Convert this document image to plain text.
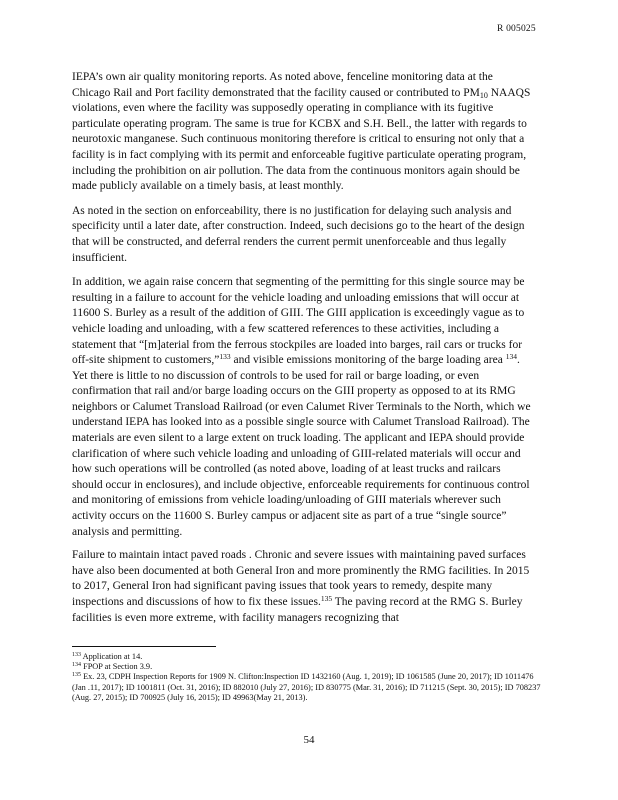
R 005025

IEPA’s own air quality monitoring reports. As noted above, fenceline monitoring data at the Chicago Rail and Port facility demonstrated that the facility caused or contributed to $PM_{10}$ NAAQS violations, even where the facility was supposedly operating in compliance with its fugitive particulate operating program. The same is true for KCBX and S.H. Bell., the latter with regards to neurotoxic manganese. Such continuous monitoring therefore is critical to ensuring not only that a facility is in fact complying with its permit and enforceable fugitive particulate operating program, including the prohibition on air pollution. The data from the continuous monitors again should be made publicly available on a timely basis, at least monthly.

As noted in the section on enforceability, there is no justification for delaying such analysis and specificity until a later date, after construction. Indeed, such decisions go to the heart of the design that will be constructed, and deferral renders the current permit unenforceable and thus legally insufficient.

In addition, we again raise concern that segmenting of the permitting for this single source may be resulting in a failure to account for the vehicle loading and unloading emissions that will occur at 11600 S. Burley as a result of the addition of GIII. The GIII application is exceedingly vague as to vehicle loading and unloading, with a few scattered references to these activities, including a statement that “[m]aterial from the ferrous stockpiles are loaded into barges, rail cars or trucks for off-site shipment to customers,”$^{133}$ and visible emissions monitoring of the barge loading area $^{134}$. Yet there is little to no discussion of controls to be used for rail or barge loading, or even confirmation that rail and/or barge loading occurs on the GIII property as opposed to at its RMG neighbors or Calumet Transload Railroad (or even Calumet River Terminals to the North, which we understand IEPA has looked into as a possible single source with Calumet Transload Railroad). The materials are even silent to a large extent on truck loading. The applicant and IEPA should provide clarification of where such vehicle loading and unloading of GIII-related materials will occur and how such operations will be controlled (as noted above, loading of at least trucks and railcars should occur in enclosures), and include objective, enforceable requirements for continuous control and monitoring of emissions from vehicle loading/unloading of GIII materials wherever such activity occurs on the 11600 S. Burley campus or adjacent site as part of a true “single source” analysis and permitting.

Failure to maintain intact paved roads . Chronic and severe issues with maintaining paved surfaces have also been documented at both General Iron and more prominently the RMG facilities. In 2015 to 2017, General Iron had significant paving issues that took years to remedy, despite many inspections and discussions of how to fix these issues.$^{135}$ The paving record at the RMG S. Burley facilities is even more extreme, with facility managers recognizing that

$^{133}$ Application at 14.

$^{134}$ FPOP at Section 3.9.

$^{135}$ Ex. 23, CDPH Inspection Reports for 1909 N. Clifton:Inspection ID 1432160 (Aug. 1, 2019); ID 1061585 (June 20, 2017); ID 1011476 (Jan .11, 2017); ID 1001811 (Oct. 31, 2016); ID 882010 (July 27, 2016); ID 830775 (Mar. 31, 2016); ID 711215 (Sept. 30, 2015); ID 708237 (Aug. 27, 2015); ID 700925 (July 16, 2015); ID 49963(May 21, 2013).

54
